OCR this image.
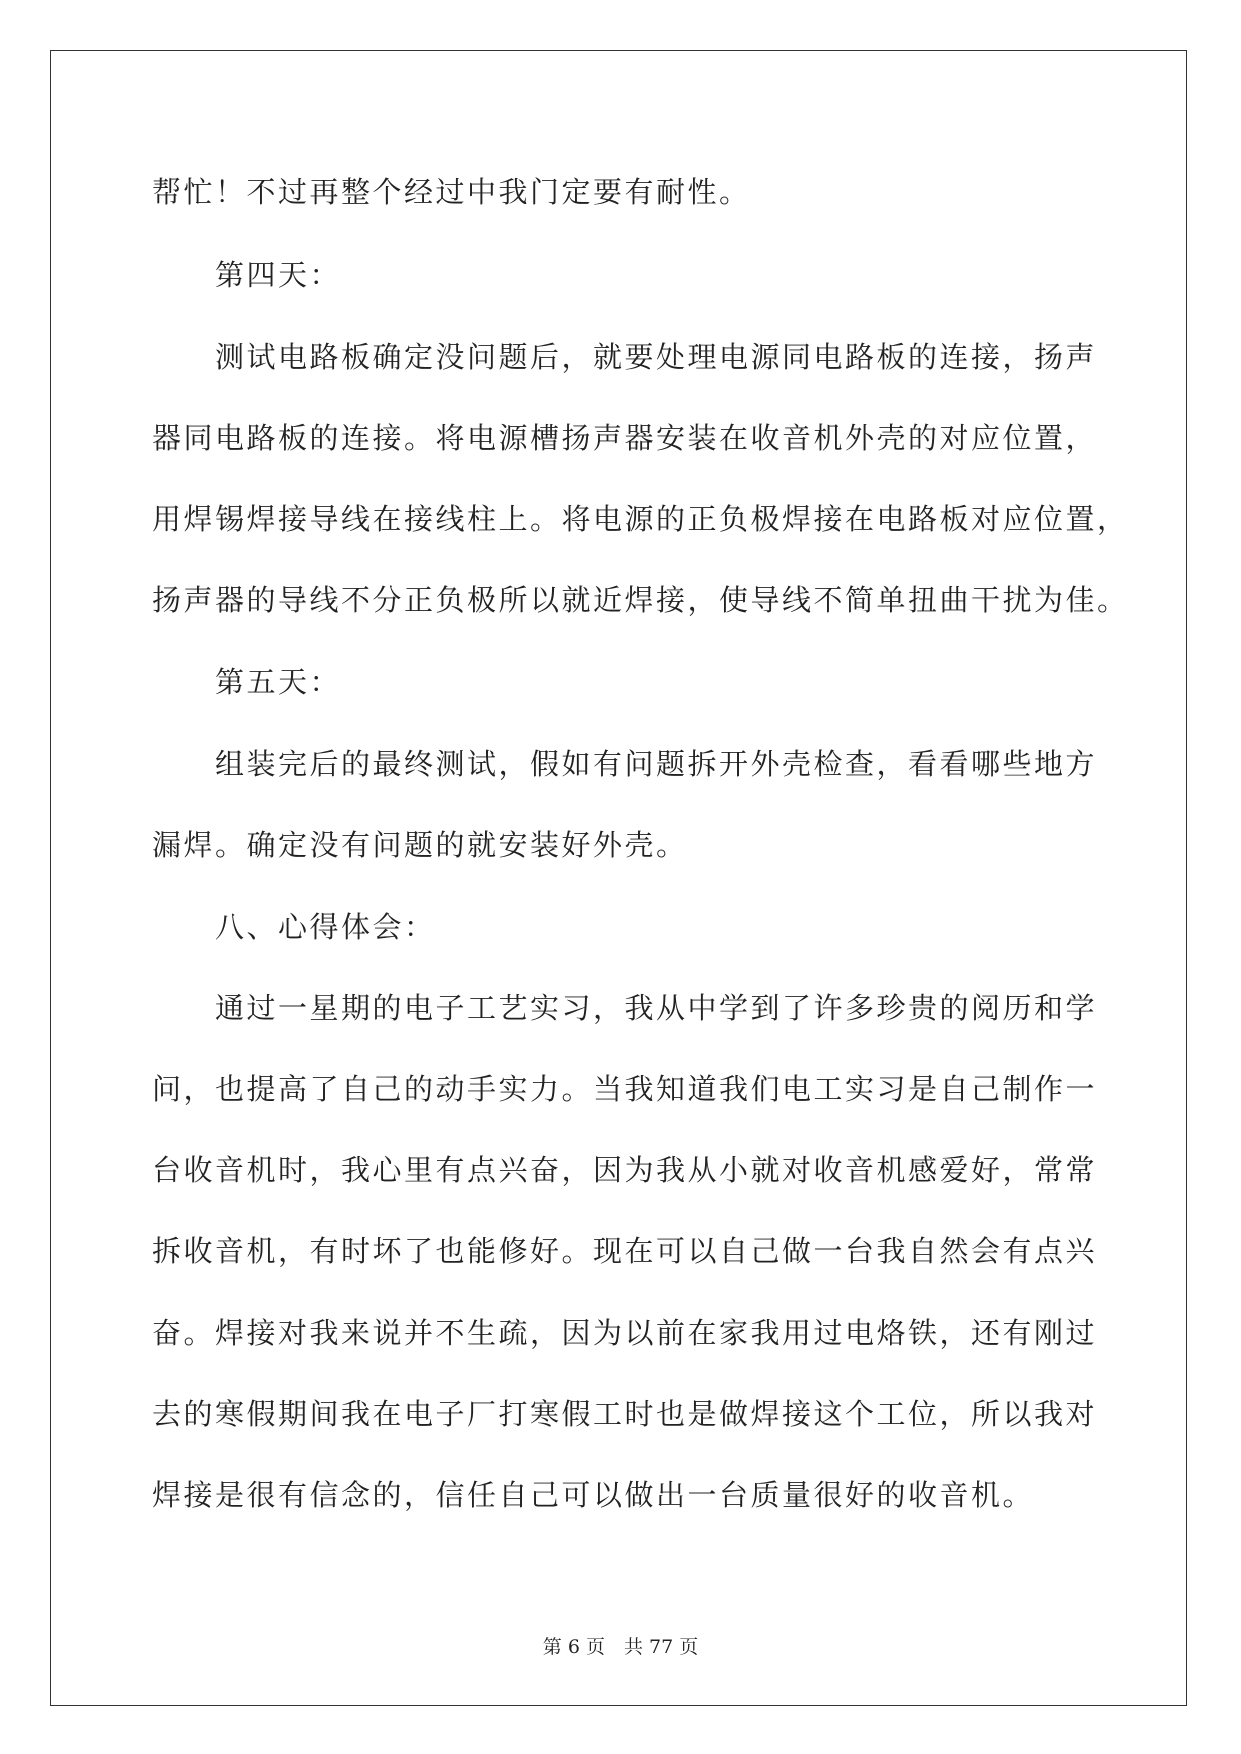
帮忙！不过再整个经过中我门定要有耐性。
第四天：
测试电路板确定没问题后，就要处理电源同电路板的连接，扬声
器同电路板的连接。将电源槽扬声器安装在收音机外壳的对应位置，
用焊锡焊接导线在接线柱上。将电源的正负极焊接在电路板对应位置，
扬声器的导线不分正负极所以就近焊接，使导线不简单扭曲干扰为佳。
第五天：
组装完后的最终测试，假如有问题拆开外壳检查，看看哪些地方
漏焊。确定没有问题的就安装好外壳。
八、心得体会：
通过一星期的电子工艺实习，我从中学到了许多珍贵的阅历和学
问，也提高了自己的动手实力。当我知道我们电工实习是自己制作一
台收音机时，我心里有点兴奋，因为我从小就对收音机感爱好，常常
拆收音机，有时坏了也能修好。现在可以自己做一台我自然会有点兴
奋。焊接对我来说并不生疏，因为以前在家我用过电烙铁，还有刚过
去的寒假期间我在电子厂打寒假工时也是做焊接这个工位，所以我对
焊接是很有信念的，信任自己可以做出一台质量很好的收音机。
第 6 页　共 77 页
